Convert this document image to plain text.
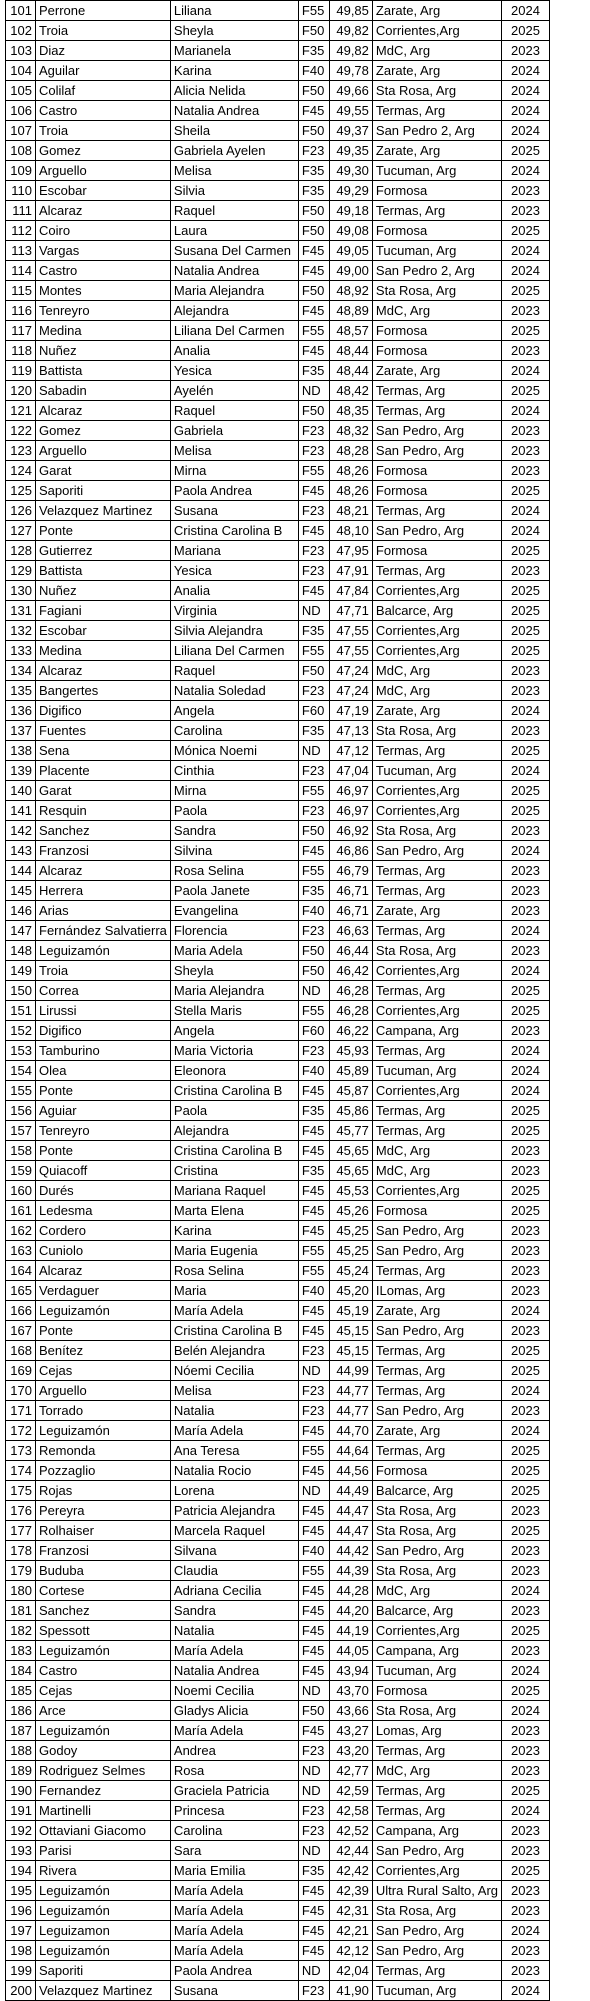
101	Perrone	Liliana	F55	49,85	Zarate, Arg	2024
102	Troia	Sheyla	F50	49,82	Corrientes,Arg	2025
103	Diaz	Marianela	F35	49,82	MdC, Arg	2023
104	Aguilar	Karina	F40	49,78	Zarate, Arg	2024
105	Colilaf	Alicia Nelida	F50	49,66	Sta Rosa, Arg	2024
106	Castro	Natalia Andrea	F45	49,55	Termas, Arg	2024
107	Troia	Sheila	F50	49,37	San Pedro 2, Arg	2024
108	Gomez	Gabriela Ayelen	F23	49,35	Zarate, Arg	2025
109	Arguello	Melisa	F35	49,30	Tucuman, Arg	2024
110	Escobar	Silvia	F35	49,29	Formosa	2023
111	Alcaraz	Raquel	F50	49,18	Termas, Arg	2023
112	Coiro	Laura	F50	49,08	Formosa	2025
113	Vargas	Susana Del Carmen	F45	49,05	Tucuman, Arg	2024
114	Castro	Natalia Andrea	F45	49,00	San Pedro 2, Arg	2024
115	Montes	Maria Alejandra	F50	48,92	Sta Rosa, Arg	2025
116	Tenreyro	Alejandra	F45	48,89	MdC, Arg	2023
117	Medina	Liliana Del Carmen	F55	48,57	Formosa	2025
118	Nuñez	Analia	F45	48,44	Formosa	2023
119	Battista	Yesica	F35	48,44	Zarate, Arg	2024
120	Sabadin	Ayelén	ND	48,42	Termas, Arg	2025
121	Alcaraz	Raquel	F50	48,35	Termas, Arg	2024
122	Gomez	Gabriela	F23	48,32	San Pedro, Arg	2023
123	Arguello	Melisa	F23	48,28	San Pedro, Arg	2023
124	Garat	Mirna	F55	48,26	Formosa	2023
125	Saporiti	Paola Andrea	F45	48,26	Formosa	2025
126	Velazquez Martinez	Susana	F23	48,21	Termas, Arg	2024
127	Ponte	Cristina Carolina B	F45	48,10	San Pedro, Arg	2024
128	Gutierrez	Mariana	F23	47,95	Formosa	2025
129	Battista	Yesica	F23	47,91	Termas, Arg	2023
130	Nuñez	Analia	F45	47,84	Corrientes,Arg	2025
131	Fagiani	Virginia	ND	47,71	Balcarce, Arg	2025
132	Escobar	Silvia Alejandra	F35	47,55	Corrientes,Arg	2025
133	Medina	Liliana Del Carmen	F55	47,55	Corrientes,Arg	2025
134	Alcaraz	Raquel	F50	47,24	MdC, Arg	2023
135	Bangertes	Natalia Soledad	F23	47,24	MdC, Arg	2023
136	Digifico	Angela	F60	47,19	Zarate, Arg	2024
137	Fuentes	Carolina	F35	47,13	Sta Rosa, Arg	2023
138	Sena	Mónica Noemi	ND	47,12	Termas, Arg	2025
139	Placente	Cinthia	F23	47,04	Tucuman, Arg	2024
140	Garat	Mirna	F55	46,97	Corrientes,Arg	2025
141	Resquin	Paola	F23	46,97	Corrientes,Arg	2025
142	Sanchez	Sandra	F50	46,92	Sta Rosa, Arg	2023
143	Franzosi	Silvina	F45	46,86	San Pedro, Arg	2024
144	Alcaraz	Rosa Selina	F55	46,79	Termas, Arg	2023
145	Herrera	Paola Janete	F35	46,71	Termas, Arg	2023
146	Arias	Evangelina	F40	46,71	Zarate, Arg	2023
147	Fernández Salvatierra	Florencia	F23	46,63	Termas, Arg	2024
148	Leguizamón	Maria Adela	F50	46,44	Sta Rosa, Arg	2023
149	Troia	Sheyla	F50	46,42	Corrientes,Arg	2024
150	Correa	Maria Alejandra	ND	46,28	Termas, Arg	2025
151	Lirussi	Stella Maris	F55	46,28	Corrientes,Arg	2025
152	Digifico	Angela	F60	46,22	Campana, Arg	2023
153	Tamburino	Maria Victoria	F23	45,93	Termas, Arg	2024
154	Olea	Eleonora	F40	45,89	Tucuman, Arg	2024
155	Ponte	Cristina Carolina B	F45	45,87	Corrientes,Arg	2024
156	Aguiar	Paola	F35	45,86	Termas, Arg	2025
157	Tenreyro	Alejandra	F45	45,77	Termas, Arg	2025
158	Ponte	Cristina Carolina B	F45	45,65	MdC, Arg	2023
159	Quiacoff	Cristina	F35	45,65	MdC, Arg	2023
160	Durés	Mariana Raquel	F45	45,53	Corrientes,Arg	2025
161	Ledesma	Marta Elena	F45	45,26	Formosa	2025
162	Cordero	Karina	F45	45,25	San Pedro, Arg	2023
163	Cuniolo	Maria Eugenia	F55	45,25	San Pedro, Arg	2023
164	Alcaraz	Rosa Selina	F55	45,24	Termas, Arg	2023
165	Verdaguer	Maria	F40	45,20	ILomas, Arg	2023
166	Leguizamón	María Adela	F45	45,19	Zarate, Arg	2024
167	Ponte	Cristina Carolina B	F45	45,15	San Pedro, Arg	2023
168	Benítez	Belén Alejandra	F23	45,15	Termas, Arg	2025
169	Cejas	Nóemi Cecilia	ND	44,99	Termas, Arg	2025
170	Arguello	Melisa	F23	44,77	Termas, Arg	2024
171	Torrado	Natalia	F23	44,77	San Pedro, Arg	2023
172	Leguizamón	María Adela	F45	44,70	Zarate, Arg	2024
173	Remonda	Ana Teresa	F55	44,64	Termas, Arg	2025
174	Pozzaglio	Natalia Rocio	F45	44,56	Formosa	2025
175	Rojas	Lorena	ND	44,49	Balcarce, Arg	2025
176	Pereyra	Patricia Alejandra	F45	44,47	Sta Rosa, Arg	2023
177	Rolhaiser	Marcela Raquel	F45	44,47	Sta Rosa, Arg	2025
178	Franzosi	Silvana	F40	44,42	San Pedro, Arg	2023
179	Buduba	Claudia	F55	44,39	Sta Rosa, Arg	2023
180	Cortese	Adriana Cecilia	F45	44,28	MdC, Arg	2024
181	Sanchez	Sandra	F45	44,20	Balcarce, Arg	2023
182	Spessott	Natalia	F45	44,19	Corrientes,Arg	2025
183	Leguizamón	María Adela	F45	44,05	Campana, Arg	2023
184	Castro	Natalia Andrea	F45	43,94	Tucuman, Arg	2024
185	Cejas	Noemi Cecilia	ND	43,70	Formosa	2025
186	Arce	Gladys Alicia	F50	43,66	Sta Rosa, Arg	2024
187	Leguizamón	María Adela	F45	43,27	Lomas, Arg	2023
188	Godoy	Andrea	F23	43,20	Termas, Arg	2023
189	Rodriguez Selmes	Rosa	ND	42,77	MdC, Arg	2023
190	Fernandez	Graciela Patricia	ND	42,59	Termas, Arg	2025
191	Martinelli	Princesa	F23	42,58	Termas, Arg	2024
192	Ottaviani Giacomo	Carolina	F23	42,52	Campana, Arg	2023
193	Parisi	Sara	ND	42,44	San Pedro, Arg	2023
194	Rivera	Maria Emilia	F35	42,42	Corrientes,Arg	2025
195	Leguizamón	María Adela	F45	42,39	Ultra Rural Salto, Arg	2023
196	Leguizamón	María Adela	F45	42,31	Sta Rosa, Arg	2023
197	Leguizamon	María Adela	F45	42,21	San Pedro, Arg	2024
198	Leguizamón	María Adela	F45	42,12	San Pedro, Arg	2023
199	Saporiti	Paola Andrea	ND	42,04	Termas, Arg	2023
200	Velazquez Martinez	Susana	F23	41,90	Tucuman, Arg	2024
